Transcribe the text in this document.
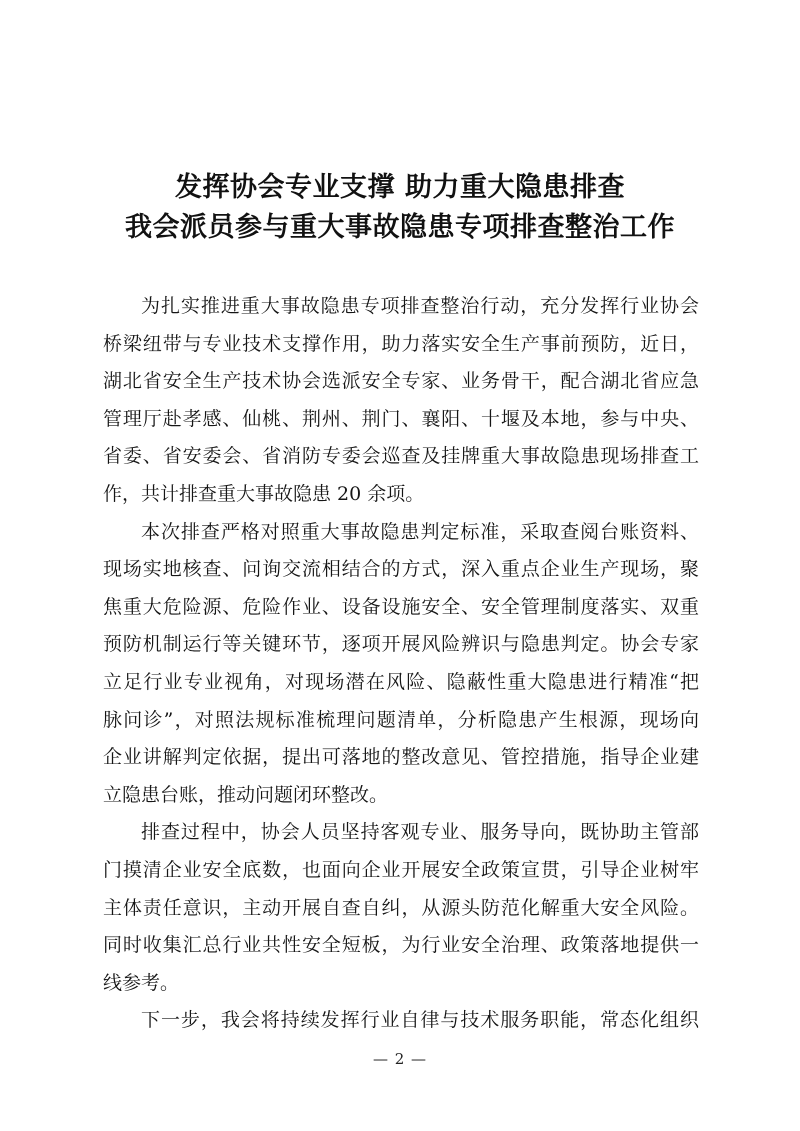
发挥协会专业支撑 助力重大隐患排查
我会派员参与重大事故隐患专项排查整治工作

为扎实推进重大事故隐患专项排查整治行动，充分发挥行业协会
桥梁纽带与专业技术支撑作用，助力落实安全生产事前预防，近日，
湖北省安全生产技术协会选派安全专家、业务骨干，配合湖北省应急
管理厅赴孝感、仙桃、荆州、荆门、襄阳、十堰及本地，参与中央、
省委、省安委会、省消防专委会巡查及挂牌重大事故隐患现场排查工
作，共计排查重大事故隐患 20 余项。

本次排查严格对照重大事故隐患判定标准，采取查阅台账资料、
现场实地核查、问询交流相结合的方式，深入重点企业生产现场，聚
焦重大危险源、危险作业、设备设施安全、安全管理制度落实、双重
预防机制运行等关键环节，逐项开展风险辨识与隐患判定。协会专家
立足行业专业视角，对现场潜在风险、隐蔽性重大隐患进行精准“把
脉问诊”，对照法规标准梳理问题清单，分析隐患产生根源，现场向
企业讲解判定依据，提出可落地的整改意见、管控措施，指导企业建
立隐患台账，推动问题闭环整改。

排查过程中，协会人员坚持客观专业、服务导向，既协助主管部
门摸清企业安全底数，也面向企业开展安全政策宣贯，引导企业树牢
主体责任意识，主动开展自查自纠，从源头防范化解重大安全风险。
同时收集汇总行业共性安全短板，为行业安全治理、政策落地提供一
线参考。

下一步，我会将持续发挥行业自律与技术服务职能，常态化组织

— 2 —
